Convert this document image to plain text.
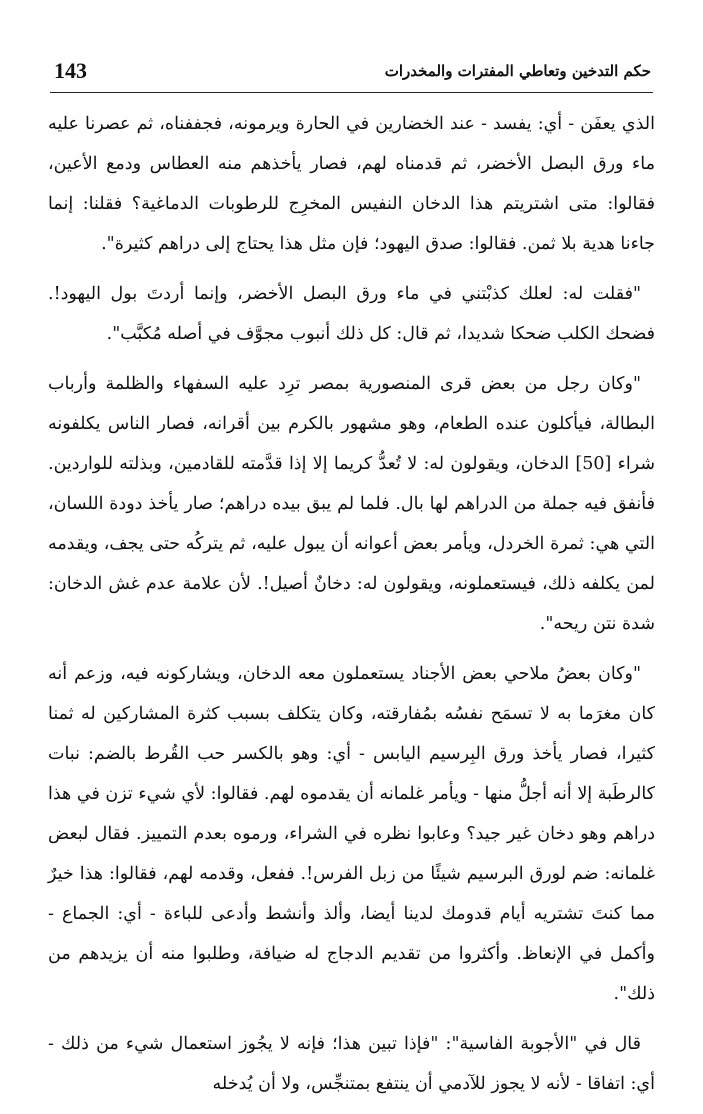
143	حكم التدخين وتعاطي المفترات والمخدرات

الذي يعفَن - أي: يفسد - عند الخضارين في الحارة ويرمونه، فجففناه، ثم عصرنا عليه ماء ورق البصل الأخضر، ثم قدمناه لهم، فصار يأخذهم منه العطاس ودمع الأعين، فقالوا: متى اشتريتم هذا الدخان النفيس المخرِج للرطوبات الدماغية؟ فقلنا: إنما جاءنا هدية بلا ثمن. فقالوا: صدق اليهود؛ فإن مثل هذا يحتاج إلى دراهم كثيرة".

"فقلت له: لعلك كذبْتني في ماء ورق البصل الأخضر، وإنما أردتَ بول اليهود!. فضحك الكلب ضحكا شديدا، ثم قال: كل ذلك أنبوب مجوَّف في أصله مُكبَّب".

"وكان رجل من بعض قرى المنصورية بمصر ترِد عليه السفهاء والظلمة وأرباب البطالة، فيأكلون عنده الطعام، وهو مشهور بالكرم بين أقرانه، فصار الناس يكلفونه شراء [50] الدخان، ويقولون له: لا تُعدُّ كريما إلا إذا قدَّمته للقادمين، وبذلته للواردين. فأنفق فيه جملة من الدراهم لها بال. فلما لم يبق بيده دراهم؛ صار يأخذ دودة اللسان، التي هي: ثمرة الخردل، ويأمر بعض أعوانه أن يبول عليه، ثم يتركُه حتى يجف، ويقدمه لمن يكلفه ذلك، فيستعملونه، ويقولون له: دخانٌ أصيل!. لأن علامة عدم غش الدخان: شدة نتن ريحه".

"وكان بعضُ ملاحي بعض الأجناد يستعملون معه الدخان، ويشاركونه فيه، وزعم أنه كان مغرَما به لا تسمَح نفسُه بمُفارقته، وكان يتكلف بسبب كثرة المشاركين له ثمنا كثيرا، فصار يأخذ ورق البِرسيم اليابس - أي: وهو بالكسر حب القُرط بالضم: نبات كالرطَبة إلا أنه أجلُّ منها - ويأمر غلمانه أن يقدموه لهم. فقالوا: لأي شيء تزن في هذا دراهم وهو دخان غير جيد؟ وعابوا نظره في الشراء، ورموه بعدم التمييز. فقال لبعض غلمانه: ضم لورق البرسيم شيئًا من زبل الفرس!. ففعل، وقدمه لهم، فقالوا: هذا خيرٌ مما كنتَ تشتريه أيام قدومك لدينا أيضا، وألذ وأنشط وأدعى للباءة - أي: الجماع - وأكمل في الإنعاظ. وأكثروا من تقديم الدجاج له ضيافة، وطلبوا منه أن يزيدهم من ذلك".

قال في "الأجوبة الفاسية": "فإذا تبين هذا؛ فإنه لا يجُوز استعمال شيء من ذلك - أي: اتفاقا - لأنه لا يجوز للآدمي أن ينتفع بمتنجِّس، ولا أن يُدخله
